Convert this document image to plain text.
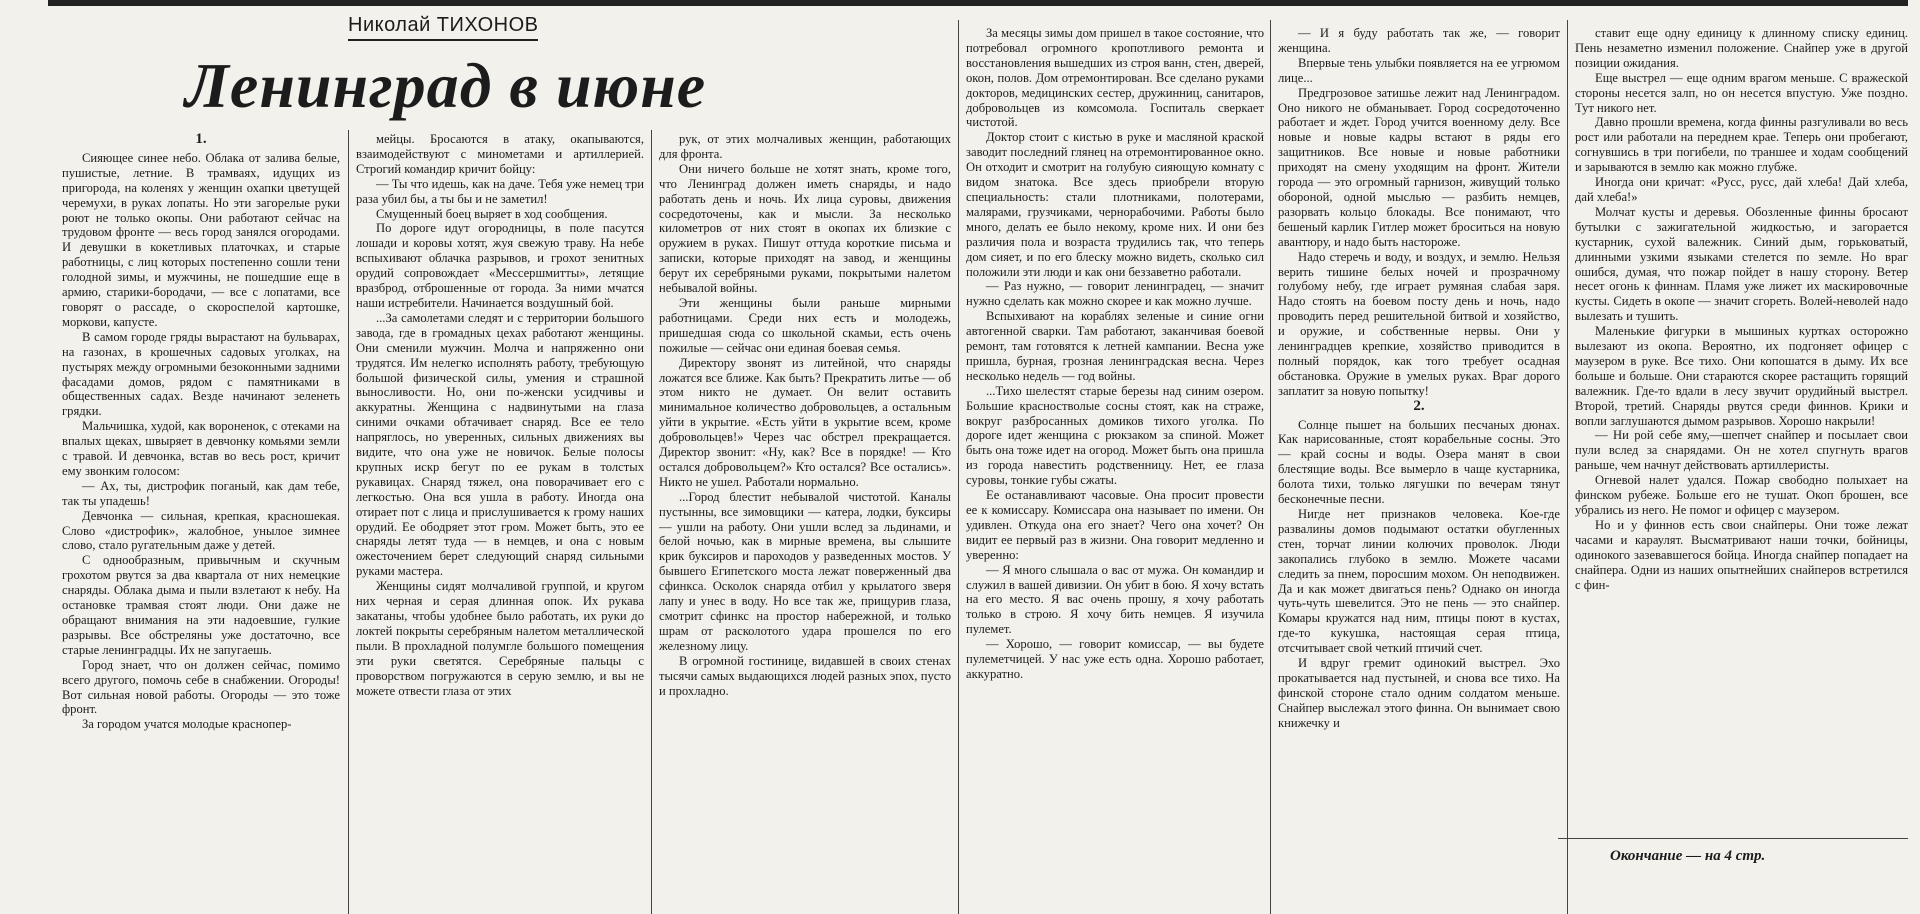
Николай ТИХОНОВ
Ленинград в июне

1.

Сияющее синее небо. Облака от залива белые, пушистые, летние. В трамваях, идущих из пригорода, на коленях у женщин охапки цветущей черемухи, в руках лопаты. Но эти загорелые руки роют не только окопы. Они работают сейчас на трудовом фронте — весь город занялся огородами. И девушки в кокетливых платочках, и старые работницы, с лиц которых постепенно сошли тени голодной зимы, и мужчины, не пошедшие еще в армию, старики-бородачи, — все с лопатами, все говорят о рассаде, о скороспелой картошке, моркови, капусте.

В самом городе гряды вырастают на бульварах, на газонах, в крошечных садовых уголках, на пустырях между огромными безоконными задними фасадами домов, рядом с памятниками в общественных садах. Везде начинают зеленеть грядки.

Мальчишка, худой, как вороненок, с отеками на впалых щеках, швыряет в девчонку комьями земли с травой. И девчонка, встав во весь рост, кричит ему звонким голосом:

— Ах, ты, дистрофик поганый, как дам тебе, так ты упадешь!

Девчонка — сильная, крепкая, красношекая. Слово «дистрофик», жалобное, унылое зимнее слово, стало ругательным даже у детей.

С однообразным, привычным и скучным грохотом рвутся за два квартала от них немецкие снаряды. Облака дыма и пыли взлетают к небу. На остановке трамвая стоят люди. Они даже не обращают внимания на эти надоевшие, гулкие разрывы. Все обстреляны уже достаточно, все старые ленинградцы. Их не запугаешь.

Город знает, что он должен сейчас, помимо всего другого, помочь себе в снабжении. Огороды! Вот сильная новой работы. Огороды — это тоже фронт.

За городом учатся молодые краснопер-

мейцы. Бросаются в атаку, окапываются, взаимодействуют с минометами и артиллерией. Строгий командир кричит бойцу:

— Ты что идешь, как на даче. Тебя уже немец три раза убил бы, а ты бы и не заметил!

Смущенный боец выряет в ход сообщения.

По дороге идут огородницы, в поле пасутся лошади и коровы хотят, жуя свежую траву. На небе вспыхивают облачка разрывов, и грохот зенитных орудий сопровождает «Мессершмитты», летящие вразброд, отброшенные от города. За ними мчатся наши истребители. Начинается воздушный бой.

...За самолетами следят и с территории большого завода, где в громадных цехах работают женщины. Они сменили мужчин. Молча и напряженно они трудятся. Им нелегко исполнять работу, требующую большой физической силы, умения и страшной выносливости. Но, они по-женски усидчивы и аккуратны. Женщина с надвинутыми на глаза синими очками обтачивает снаряд. Все ее тело напряглось, но уверенных, сильных движениях вы видите, что она уже не новичок. Белые полосы крупных искр бегут по ее рукам в толстых рукавицах. Снаряд тяжел, она поворачивает его с легкостью. Она вся ушла в работу. Иногда она отирает пот с лица и прислушивается к грому наших орудий. Ее ободряет этот гром. Может быть, это ее снаряды летят туда — в немцев, и она с новым ожесточением берет следующий снаряд сильными руками мастера.

Женщины сидят молчаливой группой, и кругом них черная и серая длинная опок. Их рукава закатаны, чтобы удобнее было работать, их руки до локтей покрыты серебряным налетом металлической пыли. В прохладной полумгле большого помещения эти руки светятся. Серебряные пальцы с проворством погружаются в серую землю, и вы не можете отвести глаза от этих

рук, от этих молчаливых женщин, работающих для фронта.

Они ничего больше не хотят знать, кроме того, что Ленинград должен иметь снаряды, и надо работать день и ночь. Их лица суровы, движения сосредоточены, как и мысли. За несколько километров от них стоят в окопах их близкие с оружием в руках. Пишут оттуда короткие письма и записки, которые приходят на завод, и женщины берут их серебряными руками, покрытыми налетом небывалой войны.

Эти женщины были раньше мирными работницами. Среди них есть и молодежь, пришедшая сюда со школьной скамьи, есть очень пожилые — сейчас они единая боевая семья.

Директору звонят из литейной, что снаряды ложатся все ближе. Как быть? Прекратить литье — об этом никто не думает. Он велит оставить минимальное количество добровольцев, а остальным уйти в укрытие. «Есть уйти в укрытие всем, кроме добровольцев!» Через час обстрел прекращается. Директор звонит: «Ну, как? Все в порядке! — Кто остался добровольцем?» Кто остался? Все остались». Никто не ушел. Работали нормально.

...Город блестит небывалой чистотой. Каналы пустынны, все зимовщики — катера, лодки, буксиры — ушли на работу. Они ушли вслед за льдинами, и белой ночью, как в мирные времена, вы слышите крик буксиров и пароходов у разведенных мостов. У бывшего Египетского моста лежат поверженный два сфинкса. Осколок снаряда отбил у крылатого зверя лапу и унес в воду. Но все так же, прищурив глаза, смотрит сфинкс на простор набережной, и только шрам от расколотого удара прошелся по его железному лицу.

В огромной гостинице, видавшей в своих стенах тысячи самых выдающихся людей разных эпох, пусто и прохладно.

За месяцы зимы дом пришел в такое состояние, что потребовал огромного кропотливого ремонта и восстановления вышедших из строя ванн, стен, дверей, окон, полов. Дом отремонтирован. Все сделано руками докторов, медицинских сестер, дружинниц, санитаров, добровольцев из комсомола. Госпиталь сверкает чистотой.

Доктор стоит с кистью в руке и масляной краской заводит последний глянец на отремонтированное окно. Он отходит и смотрит на голубую сияющую комнату с видом знатока. Все здесь приобрели вторую специальность: стали плотниками, полотерами, малярами, грузчиками, чернорабочими. Работы было много, делать ее было некому, кроме них. И они без различия пола и возраста трудились так, что теперь дом сияет, и по его блеску можно видеть, сколько сил положили эти люди и как они беззаветно работали.

— Раз нужно, — говорит ленинградец, — значит нужно сделать как можно скорее и как можно лучше.

Вспыхивают на кораблях зеленые и синие огни автогенной сварки. Там работают, заканчивая боевой ремонт, там готовятся к летней кампании. Весна уже пришла, бурная, грозная ленинградская весна. Через несколько недель — год войны.

...Тихо шелестят старые березы над синим озером. Большие красностволые сосны стоят, как на страже, вокруг разбросанных домиков тихого уголка. По дороге идет женщина с рюкзаком за спиной. Может быть она тоже идет на огород. Может быть она пришла из города навестить родственницу. Нет, ее глаза суровы, тонкие губы сжаты.

Ее останавливают часовые. Она просит провести ее к комиссару. Комиссара она называет по имени. Он удивлен. Откуда она его знает? Чего она хочет? Он видит ее первый раз в жизни. Она говорит медленно и уверенно:

— Я много слышала о вас от мужа. Он командир и служил в вашей дивизии. Он убит в бою. Я хочу встать на его место. Я вас очень прошу, я хочу работать только в строю. Я хочу бить немцев. Я изучила пулемет.

— Хорошо, — говорит комиссар, — вы будете пулеметчицей. У нас уже есть одна. Хорошо работает, аккуратно.

— И я буду работать так же, — говорит женщина.

Впервые тень улыбки появляется на ее угрюмом лице...

Предгрозовое затишье лежит над Ленинградом. Оно никого не обманывает. Город сосредоточенно работает и ждет. Город учится военному делу. Все новые и новые кадры встают в ряды его защитников. Все новые и новые работники приходят на смену уходящим на фронт. Жители города — это огромный гарнизон, живущий только обороной, одной мыслью — разбить немцев, разорвать кольцо блокады. Все понимают, что бешеный карлик Гитлер может броситься на новую авантюру, и надо быть настороже.

Надо стеречь и воду, и воздух, и землю. Нельзя верить тишине белых ночей и прозрачному голубому небу, где играет румяная слабая заря. Надо стоять на боевом посту день и ночь, надо проводить перед решительной битвой и хозяйство, и оружие, и собственные нервы. Они у ленинградцев крепкие, хозяйство приводится в полный порядок, как того требует осадная обстановка. Оружие в умелых руках. Враг дорого заплатит за новую попытку!

2.

Солнце пышет на больших песчаных дюнах. Как нарисованные, стоят корабельные сосны. Это — край сосны и воды. Озера манят в свои блестящие воды. Все вымерло в чаще кустарника, болота тихи, только лягушки по вечерам тянут бесконечные песни.

Нигде нет признаков человека. Кое-где развалины домов подымают остатки обугленных стен, торчат линии колючих проволок. Люди закопались глубоко в землю. Можете часами следить за пнем, поросшим мохом. Он неподвижен. Да и как может двигаться пень? Однако он иногда чуть-чуть шевелится. Это не пень — это снайпер. Комары кружатся над ним, птицы поют в кустах, где-то кукушка, настоящая серая птица, отсчитывает свой четкий птичий счет.

И вдруг гремит одинокий выстрел. Эхо прокатывается над пустыней, и снова все тихо. На финской стороне стало одним солдатом меньше. Снайпер выслежал этого финна. Он вынимает свою книжечку и

ставит еще одну единицу к длинному списку единиц. Пень незаметно изменил положение. Снайпер уже в другой позиции ожидания.

Еще выстрел — еще одним врагом меньше. С вражеской стороны несется залп, но он несется впустую. Уже поздно. Тут никого нет.

Давно прошли времена, когда финны разгуливали во весь рост или работали на переднем крае. Теперь они пробегают, согнувшись в три погибели, по траншее и ходам сообщений и зарываются в землю как можно глубже.

Иногда они кричат: «Русс, русс, дай хлеба! Дай хлеба, дай хлеба!»

Молчат кусты и деревья. Обозленные финны бросают бутылки с зажигательной жидкостью, и загорается кустарник, сухой валежник. Синий дым, горьковатый, длинными узкими языками стелется по земле. Но враг ошибся, думая, что пожар пойдет в нашу сторону. Ветер несет огонь к финнам. Пламя уже лижет их маскировочные кусты. Сидеть в окопе — значит сгореть. Волей-неволей надо вылезать и тушить.

Маленькие фигурки в мышиных куртках осторожно вылезают из окопа. Вероятно, их подгоняет офицер с маузером в руке. Все тихо. Они копошатся в дыму. Их все больше и больше. Они стараются скорее растащить горящий валежник. Где-то вдали в лесу звучит орудийный выстрел. Второй, третий. Снаряды рвутся среди финнов. Крики и вопли заглушаются дымом разрывов. Хорошо накрыли!

— Ни рой себе яму,—шепчет снайпер и посылает свои пули вслед за снарядами. Он не хотел спугнуть врагов раньше, чем начнут действовать артиллеристы.

Огневой налет удался. Пожар свободно полыхает на финском рубеже. Больше его не тушат. Окоп брошен, все убрались из него. Не помог и офицер с маузером.

Но и у финнов есть свои снайперы. Они тоже лежат часами и караулят. Высматривают наши точки, бойницы, одинокого зазевавшегося бойца. Иногда снайпер попадает на снайпера. Одни из наших опытнейших снайперов встретился с фин-

Окончание — на 4 стр.
